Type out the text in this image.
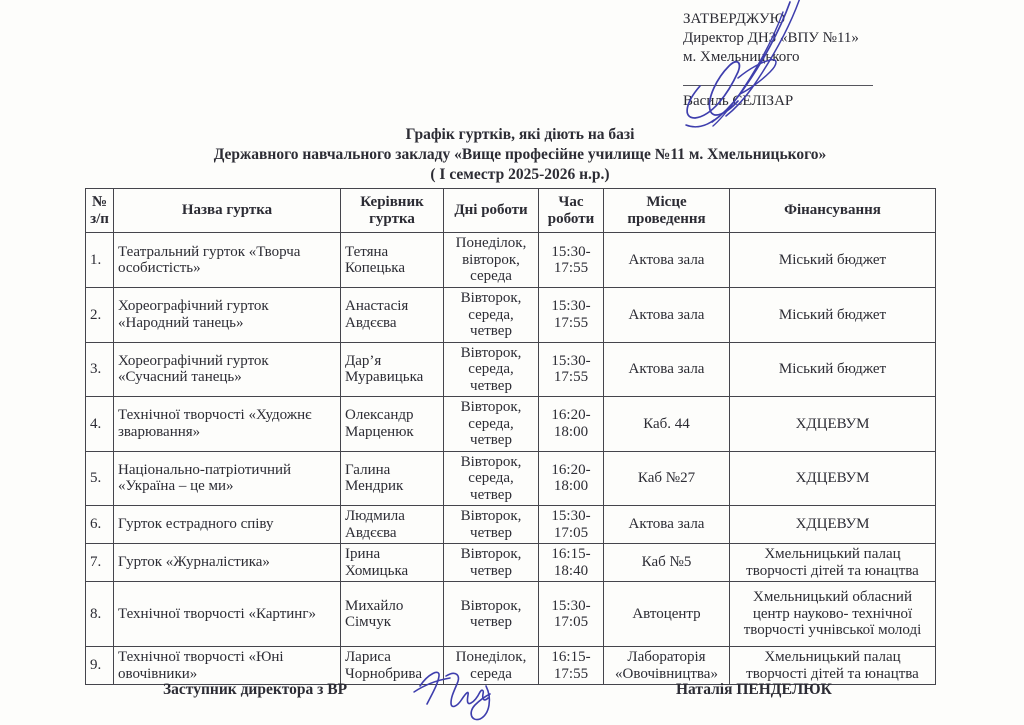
ЗАТВЕРДЖУЮ
Директор ДНЗ «ВПУ №11»
м. Хмельницького
Василь СЕЛІЗАР
Графік гуртків, які діють на базі
Державного навчального закладу «Вище професійне училище №11 м. Хмельницького»
( І семестр 2025-2026 н.р.)
№ з/п	Назва гуртка	Керівник гуртка	Дні роботи	Час роботи	Місце проведення	Фінансування
1.	Театральний гурток «Творча особистість»	Тетяна Копецька	Понеділок, вівторок, середа	15:30-17:55	Актова зала	Міський бюджет
2.	Хореографічний гурток «Народний танець»	Анастасія Авдєєва	Вівторок, середа, четвер	15:30-17:55	Актова зала	Міський бюджет
3.	Хореографічний гурток «Сучасний танець»	Дар’я Муравицька	Вівторок, середа, четвер	15:30-17:55	Актова зала	Міський бюджет
4.	Технічної творчості «Художнє зварювання»	Олександр Марценюк	Вівторок, середа, четвер	16:20-18:00	Каб. 44	ХДЦЕВУМ
5.	Національно-патріотичний «Україна – це ми»	Галина Мендрик	Вівторок, середа, четвер	16:20-18:00	Каб №27	ХДЦЕВУМ
6.	Гурток естрадного співу	Людмила Авдєєва	Вівторок, четвер	15:30-17:05	Актова зала	ХДЦЕВУМ
7.	Гурток «Журналістика»	Ірина Хомицька	Вівторок, четвер	16:15-18:40	Каб №5	Хмельницький палац творчості дітей та юнацтва
8.	Технічної творчості «Картинг»	Михайло Сімчук	Вівторок, четвер	15:30-17:05	Автоцентр	Хмельницький обласний центр науково- технічної творчості учнівської молоді
9.	Технічної творчості «Юні овочівники»	Лариса Чорнобрива	Понеділок, середа	16:15-17:55	Лабораторія «Овочівництва»	Хмельницький палац творчості дітей та юнацтва
Заступник директора з ВР	Наталія ПЕНДЕЛЮК
